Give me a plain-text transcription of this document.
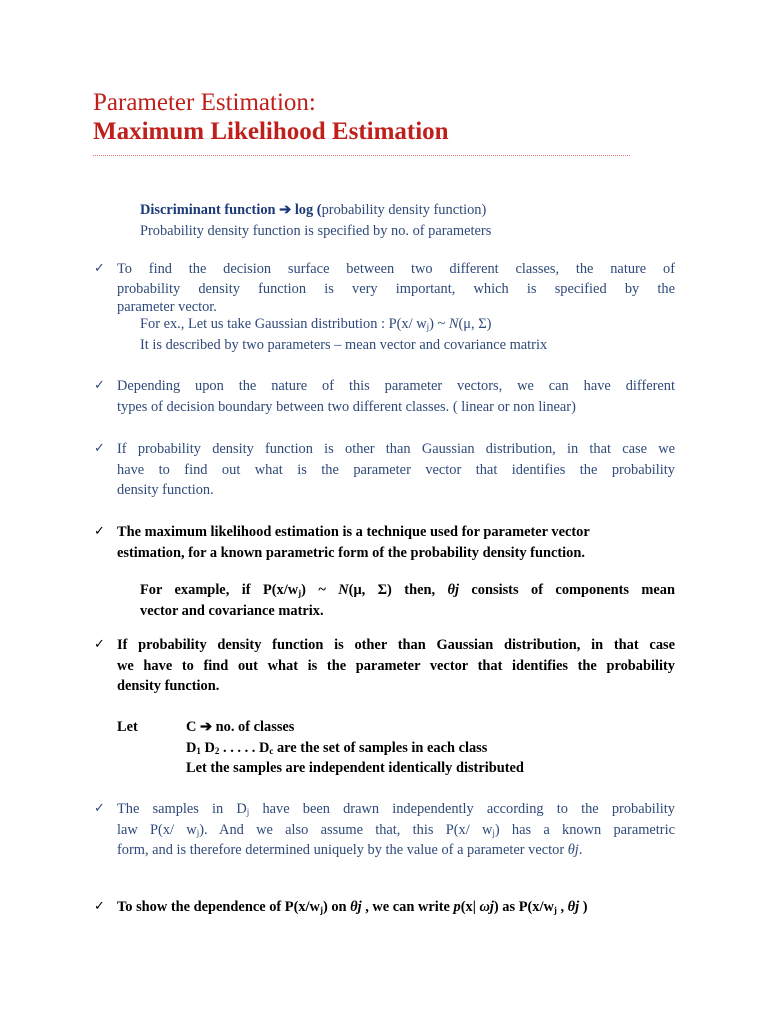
Parameter Estimation:
Maximum Likelihood Estimation
Discriminant function ➔ log (probability density function)
Probability density function is specified by no. of parameters
✓ To find the decision surface between two different classes, the nature of
probability density function is very important, which is specified by the
parameter vector.
For ex., Let us take Gaussian distribution : P(x/ $w_j$) ~ N(μ, Σ)
It is described by two parameters – mean vector and covariance matrix
✓ Depending upon the nature of this parameter vectors, we can have different
types of decision boundary between two different classes. ( linear or non linear)
✓ If probability density function is other than Gaussian distribution, in that case we
have to find out what is the parameter vector that identifies the probability
density function.
✓ The maximum likelihood estimation is a technique used for parameter vector
estimation, for a known parametric form of the probability density function.
For example, if $P(x/w_j)$ ~ N(μ, Σ) then, θj consists of components mean
vector and covariance matrix.
✓ If probability density function is other than Gaussian distribution, in that case
we have to find out what is the parameter vector that identifies the probability
density function.
Let	C ➔ no. of classes
$D_1$ $D_2$ . . . . . $D_c$ are the set of samples in each class
Let the samples are independent identically distributed
✓ The samples in $D_j$ have been drawn independently according to the probability
law P(x/ $w_j$). And we also assume that, this P(x/ $w_j$) has a known parametric
form, and is therefore determined uniquely by the value of a parameter vector θj.
✓ To show the dependence of $P(x/w_j)$ on θj , we can write p(x| ωj) as $P(x/w_j$ , θj )
